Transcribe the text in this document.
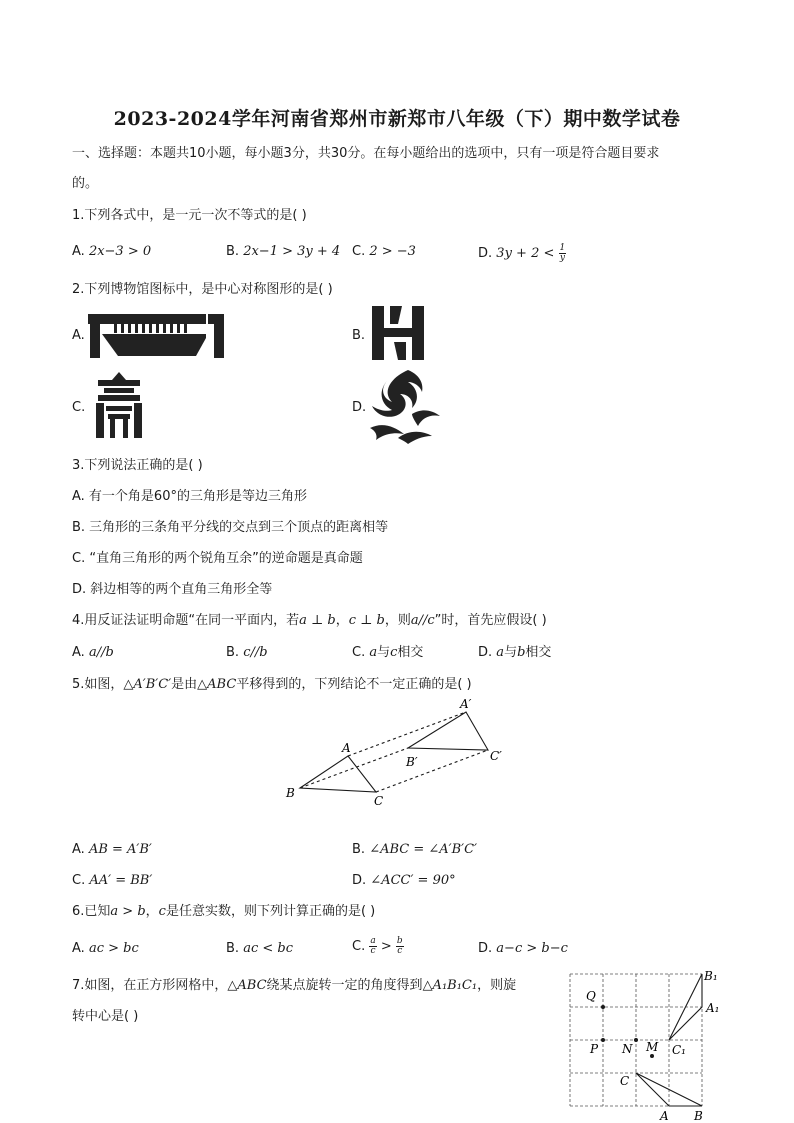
2023-2024学年河南省郑州市新郑市八年级（下）期中数学试卷
一、选择题：本题共10小题，每小题3分，共30分。在每小题给出的选项中，只有一项是符合题目要求
的。
1.下列各式中，是一元一次不等式的是( )
A. 2x−3 > 0	B. 2x−1 > 3y + 4 C. 2 > −3	D. $3y + 2 < \frac{1}{y}$
2.下列博物馆图标中，是中心对称图形的是( )
A.	B.
C.	D.
3.下列说法正确的是( )
A. 有一个角是60°的三角形是等边三角形
B. 三角形的三条角平分线的交点到三个顶点的距离相等
C. “直角三角形的两个锐角互余”的逆命题是真命题
D. 斜边相等的两个直角三角形全等
4.用反证法证明命题“在同一平面内，若a ⊥ b，c ⊥ b，则a//c”时，首先应假设( )
A. a//b	B. c//b	C. a与c相交	D. a与b相交
5.如图，△A′B′C′是由△ABC平移得到的，下列结论不一定正确的是( )
A
B
C
A′
B′	C′
A. AB = A′B′	B. ∠ABC = ∠A′B′C′
C. AA′ = BB′	D. ∠ACC′ = 90°
6.已知a > b，c是任意实数，则下列计算正确的是( )
A. ac > bc	B. ac < bc	C. $\frac{a}{c} > \frac{b}{c}$	D. a−c > b−c
7.如图，在正方形网格中，△ABC绕某点旋转一定的角度得到△A₁B₁C₁，则旋
转中心是( )
Q
P N M C₁
A₁
B₁
C
A B
